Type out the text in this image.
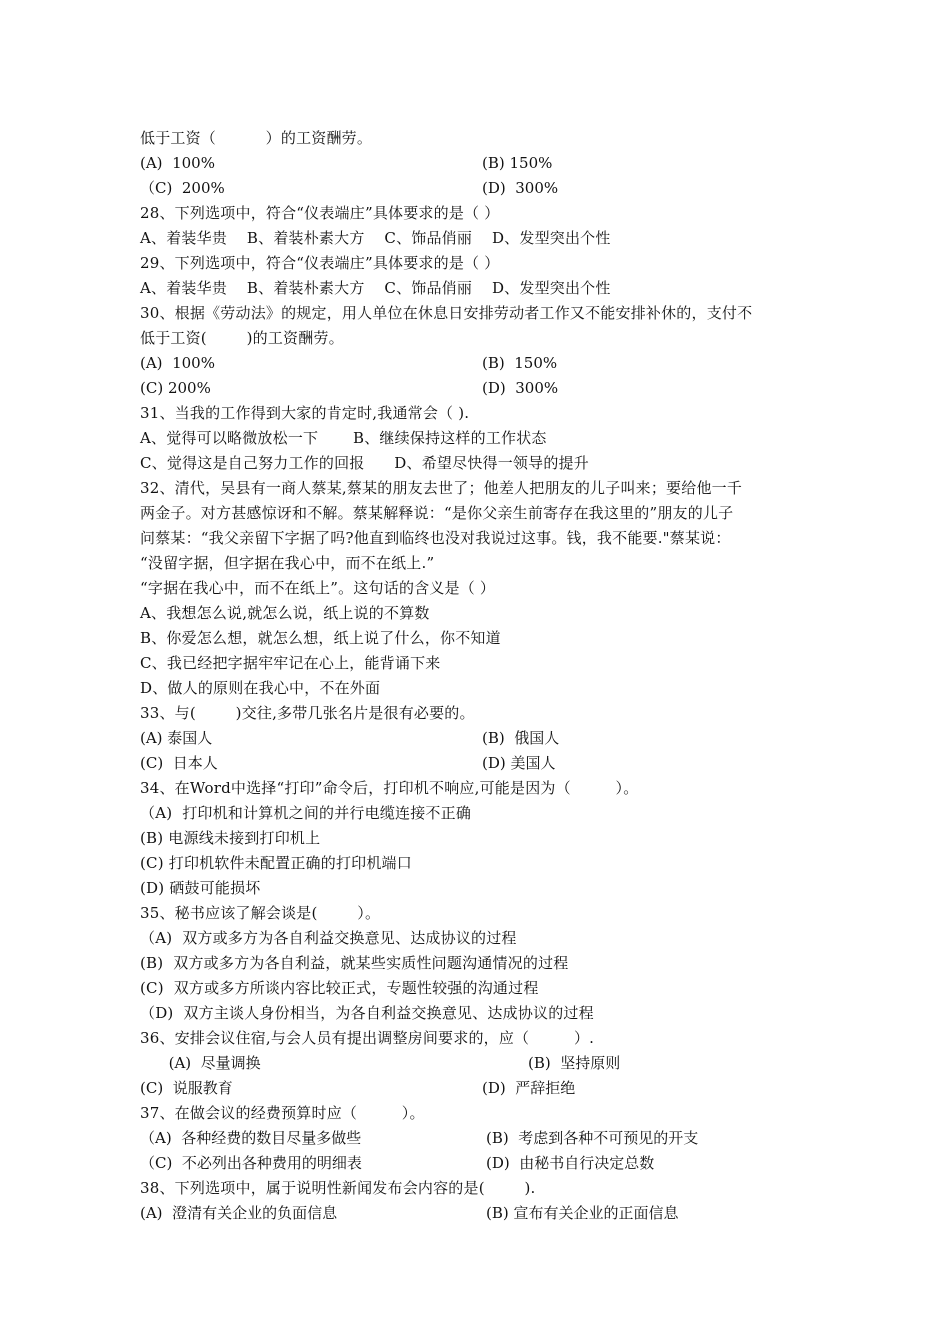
低于工资（          ）的工资酬劳。
(A)  100%	(B) 150%
（C)  200%	(D)  300%
28、下列选项中，符合“仪表端庄”具体要求的是（ ）
A、着装华贵    B、着装朴素大方    C、饰品俏丽    D、发型突出个性
29、下列选项中，符合“仪表端庄”具体要求的是（ ）
A、着装华贵    B、着装朴素大方    C、饰品俏丽    D、发型突出个性
30、根据《劳动法》的规定，用人单位在休息日安排劳动者工作又不能安排补休的，支付不
低于工资(        )的工资酬劳。
(A)  100%	(B)  150%
(C) 200%	(D)  300%
31、当我的工作得到大家的肯定时,我通常会（ ).
A、觉得可以略微放松一下       B、继续保持这样的工作状态
C、觉得这是自己努力工作的回报      D、希望尽快得一领导的提升
32、清代，吴县有一商人蔡某,蔡某的朋友去世了；他差人把朋友的儿子叫来；要给他一千
两金子。对方甚感惊讶和不解。蔡某解释说：“是你父亲生前寄存在我这里的”朋友的儿子
问蔡某：“我父亲留下字据了吗?他直到临终也没对我说过这事。钱，我不能要."蔡某说：
“没留字据，但字据在我心中，而不在纸上.”
“字据在我心中，而不在纸上”。这句话的含义是（ ）
A、我想怎么说,就怎么说，纸上说的不算数
B、你爱怎么想，就怎么想，纸上说了什么，你不知道
C、我已经把字据牢牢记在心上，能背诵下来
D、做人的原则在我心中，不在外面
33、与(        )交往,多带几张名片是很有必要的。
(A) 泰国人	(B)  俄国人
(C)  日本人	(D) 美国人
34、在Word中选择“打印”命令后，打印机不响应,可能是因为（         ）。
（A)  打印机和计算机之间的并行电缆连接不正确
(B) 电源线未接到打印机上
(C) 打印机软件未配置正确的打印机端口
(D) 硒鼓可能损坏
35、秘书应该了解会谈是(        ）。
（A)  双方或多方为各自利益交换意见、达成协议的过程
(B)  双方或多方为各自利益，就某些实质性问题沟通情况的过程
(C)  双方或多方所谈内容比较正式，专题性较强的沟通过程
（D)  双方主谈人身份相当，为各自利益交换意见、达成协议的过程
36、安排会议住宿,与会人员有提出调整房间要求的，应（         ）.
(A)  尽量调换	(B)  坚持原则
(C)  说服教育	(D)  严辞拒绝
37、在做会议的经费预算时应（         ）。
（A)  各种经费的数目尽量多做些	(B)  考虑到各种不可预见的开支
（C)  不必列出各种费用的明细表	(D)  由秘书自行决定总数
38、下列选项中，属于说明性新闻发布会内容的是(        ).
(A)  澄清有关企业的负面信息	(B) 宣布有关企业的正面信息
